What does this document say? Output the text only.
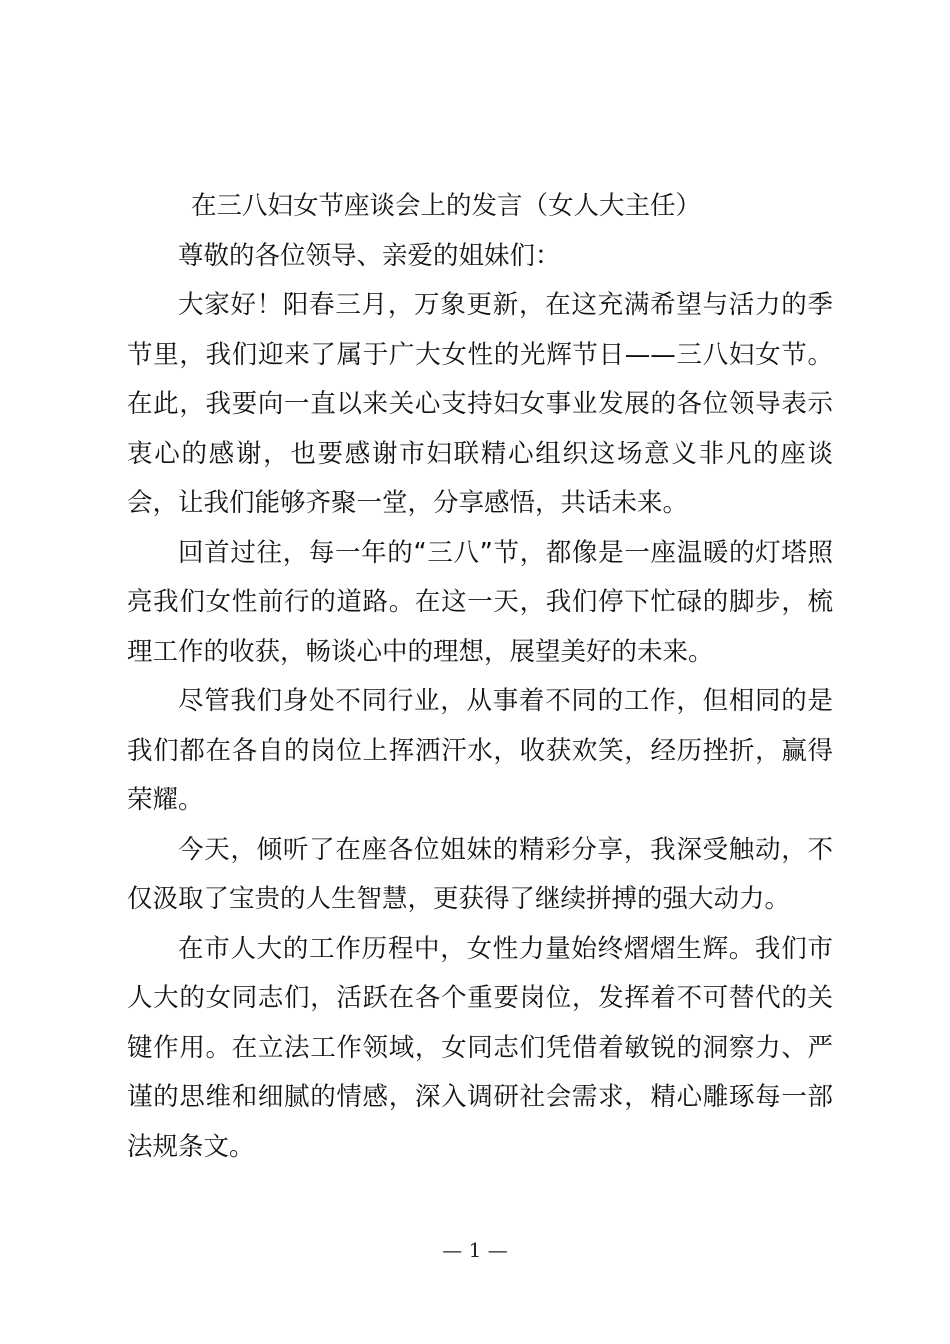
在三八妇女节座谈会上的发言（女人大主任）

尊敬的各位领导、亲爱的姐妹们：

大家好！阳春三月，万象更新，在这充满希望与活力的季节里，我们迎来了属于广大女性的光辉节日——三八妇女节。在此，我要向一直以来关心支持妇女事业发展的各位领导表示衷心的感谢，也要感谢市妇联精心组织这场意义非凡的座谈会，让我们能够齐聚一堂，分享感悟，共话未来。

回首过往，每一年的“三八”节，都像是一座温暖的灯塔照亮我们女性前行的道路。在这一天，我们停下忙碌的脚步，梳理工作的收获，畅谈心中的理想，展望美好的未来。

尽管我们身处不同行业，从事着不同的工作，但相同的是我们都在各自的岗位上挥洒汗水，收获欢笑，经历挫折，赢得荣耀。

今天，倾听了在座各位姐妹的精彩分享，我深受触动，不仅汲取了宝贵的人生智慧，更获得了继续拼搏的强大动力。

在市人大的工作历程中，女性力量始终熠熠生辉。我们市人大的女同志们，活跃在各个重要岗位，发挥着不可替代的关键作用。在立法工作领域，女同志们凭借着敏锐的洞察力、严谨的思维和细腻的情感，深入调研社会需求，精心雕琢每一部法规条文。

— 1 —
